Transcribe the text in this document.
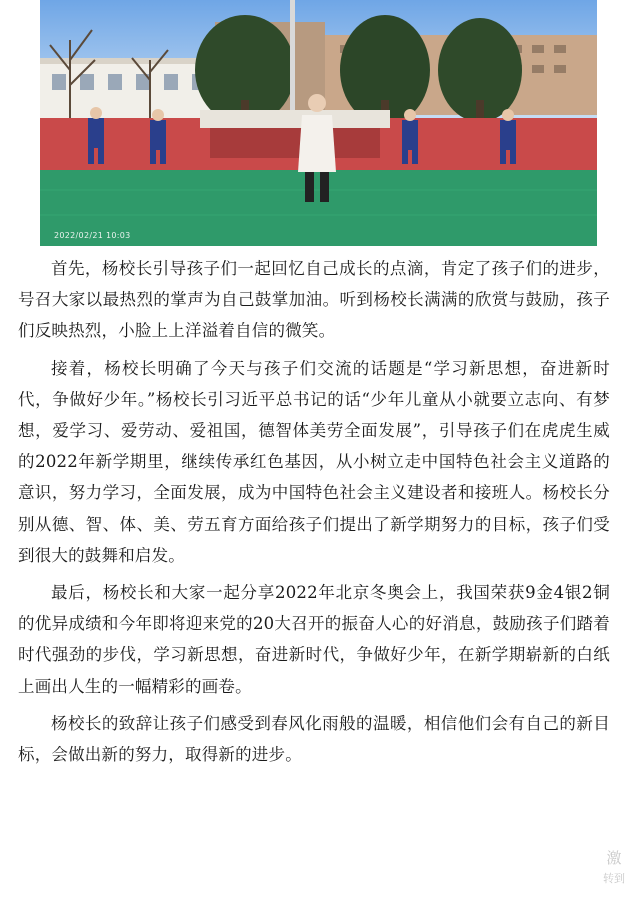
2022/02/21 10:03

首先，杨校长引导孩子们一起回忆自己成长的点滴，肯定了孩子们的进步，号召大家以最热烈的掌声为自己鼓掌加油。听到杨校长满满的欣赏与鼓励，孩子们反映热烈，小脸上上洋溢着自信的微笑。

接着，杨校长明确了今天与孩子们交流的话题是“学习新思想，奋进新时代，争做好少年。”杨校长引习近平总书记的话“少年儿童从小就要立志向、有梦想，爱学习、爱劳动、爱祖国，德智体美劳全面发展”，引导孩子们在虎虎生威的2022年新学期里，继续传承红色基因，从小树立走中国特色社会主义道路的意识，努力学习，全面发展，成为中国特色社会主义建设者和接班人。杨校长分别从德、智、体、美、劳五育方面给孩子们提出了新学期努力的目标，孩子们受到很大的鼓舞和启发。

最后，杨校长和大家一起分享2022年北京冬奥会上，我国荣获9金4银2铜的优异成绩和今年即将迎来党的20大召开的振奋人心的好消息，鼓励孩子们踏着时代强劲的步伐，学习新思想，奋进新时代，争做好少年，在新学期崭新的白纸上画出人生的一幅精彩的画卷。

杨校长的致辞让孩子们感受到春风化雨般的温暖，相信他们会有自己的新目标，会做出新的努力，取得新的进步。

激
转到
